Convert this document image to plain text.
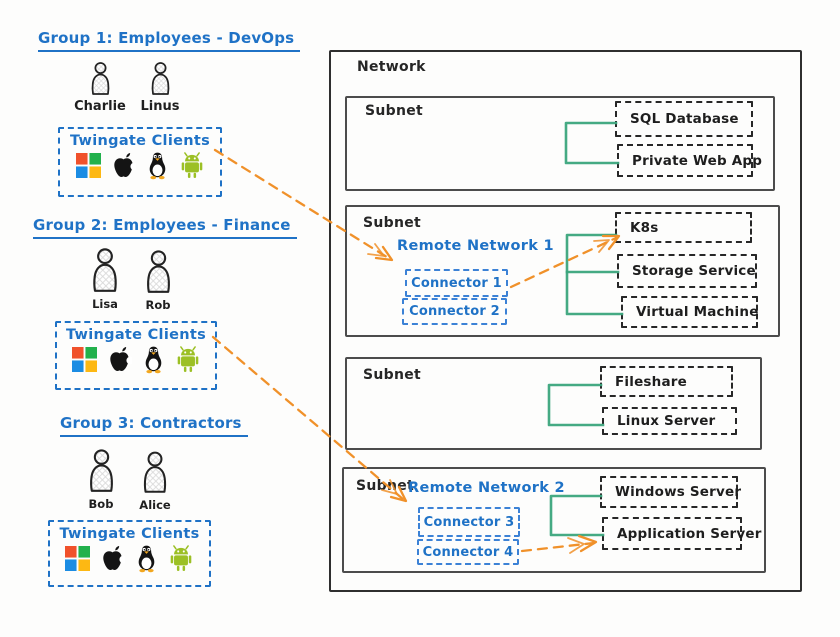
Group 1: Employees - DevOps
Charlie Linus
Twingate Clients
Group 2: Employees - Finance
Lisa Rob
Twingate Clients
Group 3: Contractors
Bob Alice
Twingate Clients
Network
Subnet	SQL Database
Private Web App
Subnet
Remote Network 1
Connector 1
Connector 2
K8s
Storage Service
Virtual Machine
Subnet	Fileshare
Linux Server
Subnet
Remote Network 2
Connector 3
Connector 4
Windows Server
Application Server
